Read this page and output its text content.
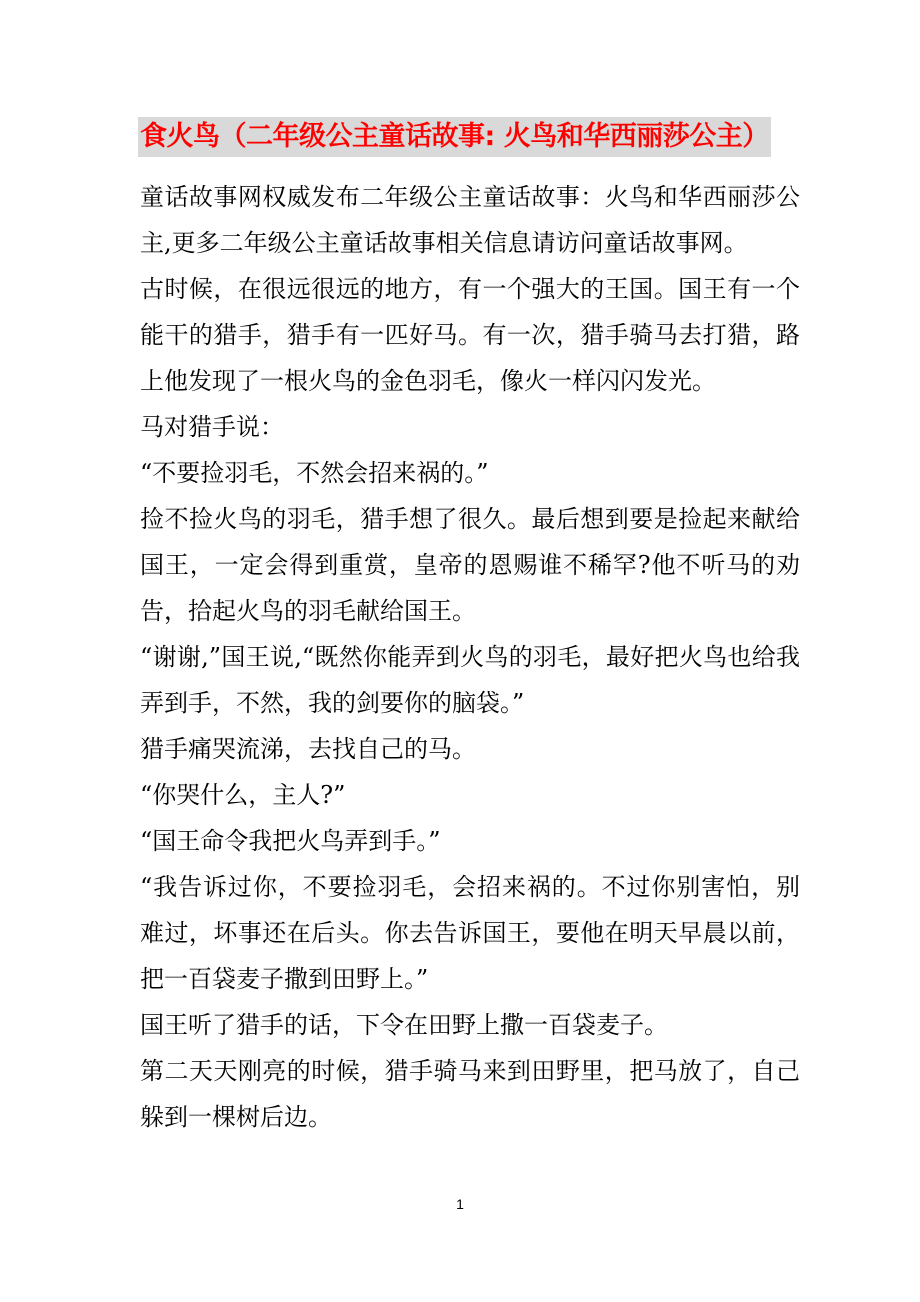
食火鸟（二年级公主童话故事: 火鸟和华西丽莎公主）

童话故事网权威发布二年级公主童话故事：火鸟和华西丽莎公主,更多二年级公主童话故事相关信息请访问童话故事网。

古时候，在很远很远的地方，有一个强大的王国。国王有一个能干的猎手，猎手有一匹好马。有一次，猎手骑马去打猎，路上他发现了一根火鸟的金色羽毛，像火一样闪闪发光。

马对猎手说：

“不要捡羽毛，不然会招来祸的。”

捡不捡火鸟的羽毛，猎手想了很久。最后想到要是捡起来献给国王，一定会得到重赏，皇帝的恩赐谁不稀罕?他不听马的劝告，拾起火鸟的羽毛献给国王。

“谢谢,”国王说,“既然你能弄到火鸟的羽毛，最好把火鸟也给我弄到手，不然，我的剑要你的脑袋。”

猎手痛哭流涕，去找自己的马。

“你哭什么，主人?”

“国王命令我把火鸟弄到手。”

“我告诉过你，不要捡羽毛，会招来祸的。不过你别害怕，别难过，坏事还在后头。你去告诉国王，要他在明天早晨以前，把一百袋麦子撒到田野上。”

国王听了猎手的话，下令在田野上撒一百袋麦子。

第二天天刚亮的时候，猎手骑马来到田野里，把马放了，自己躲到一棵树后边。

1
